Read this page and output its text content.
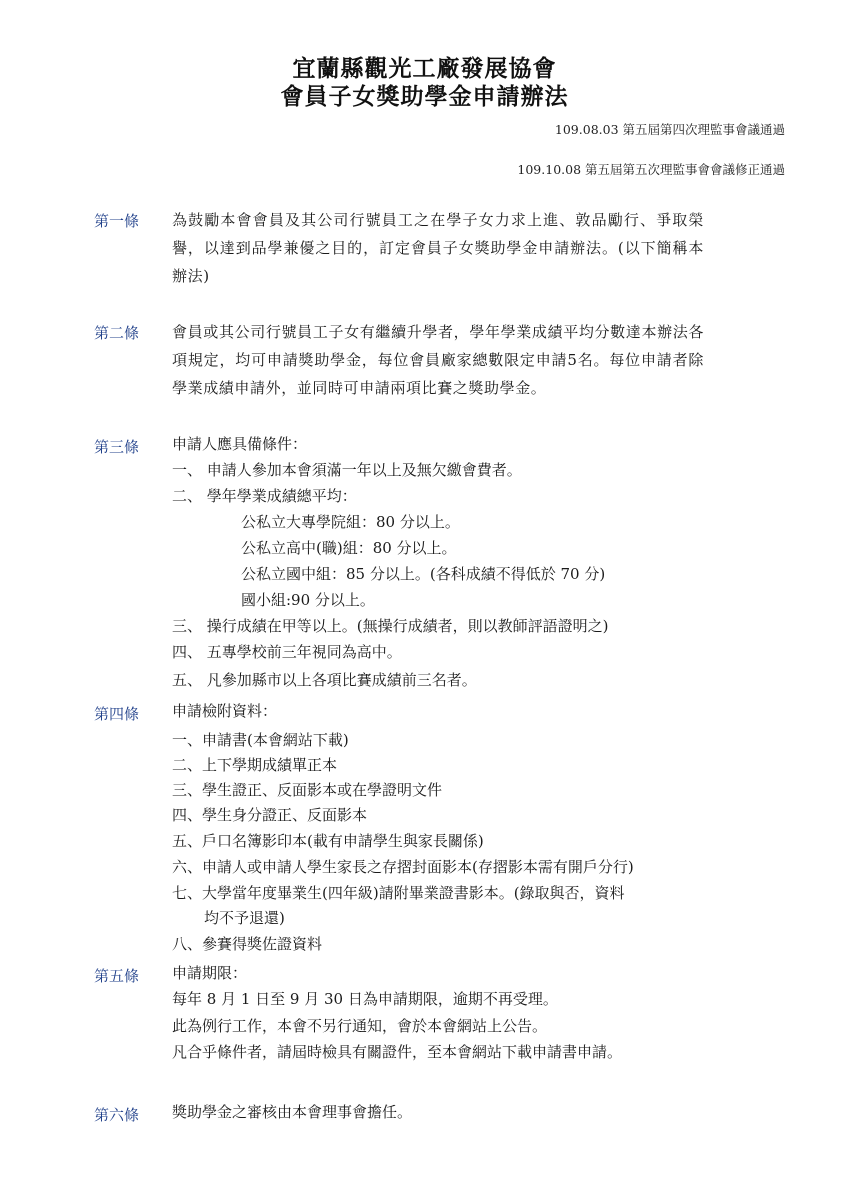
宜蘭縣觀光工廠發展協會
會員子女獎助學金申請辦法
109.08.03 第五屆第四次理監事會議通過
109.10.08 第五屆第五次理監事會會議修正通過
第一條 為鼓勵本會會員及其公司行號員工之在學子女力求上進、敦品勵行、爭取榮譽，以達到品學兼優之目的，訂定會員子女獎助學金申請辦法。(以下簡稱本辦法)
第二條 會員或其公司行號員工子女有繼續升學者，學年學業成績平均分數達本辦法各項規定，均可申請獎助學金，每位會員廠家總數限定申請5名。每位申請者除學業成績申請外，並同時可申請兩項比賽之獎助學金。
第三條 申請人應具備條件：
一、 申請人參加本會須滿一年以上及無欠繳會費者。
二、 學年學業成績總平均：
公私立大專學院組：80 分以上。
公私立高中(職)組：80 分以上。
公私立國中組：85 分以上。(各科成績不得低於 70 分)
國小組:90 分以上。
三、 操行成績在甲等以上。(無操行成績者，則以教師評語證明之)
四、 五專學校前三年視同為高中。
五、 凡參加縣市以上各項比賽成績前三名者。
第四條 申請檢附資料：
一、申請書(本會網站下載)
二、上下學期成績單正本
三、學生證正、反面影本或在學證明文件
四、學生身分證正、反面影本
五、戶口名簿影印本(載有申請學生與家長關係)
六、申請人或申請人學生家長之存摺封面影本(存摺影本需有開戶分行)
七、大學當年度畢業生(四年級)請附畢業證書影本。(錄取與否，資料
均不予退還)
八、參賽得獎佐證資料
第五條 申請期限：
每年 8 月 1 日至 9 月 30 日為申請期限，逾期不再受理。
此為例行工作，本會不另行通知，會於本會網站上公告。
凡合乎條件者，請屆時檢具有關證件，至本會網站下載申請書申請。
第六條 獎助學金之審核由本會理事會擔任。
